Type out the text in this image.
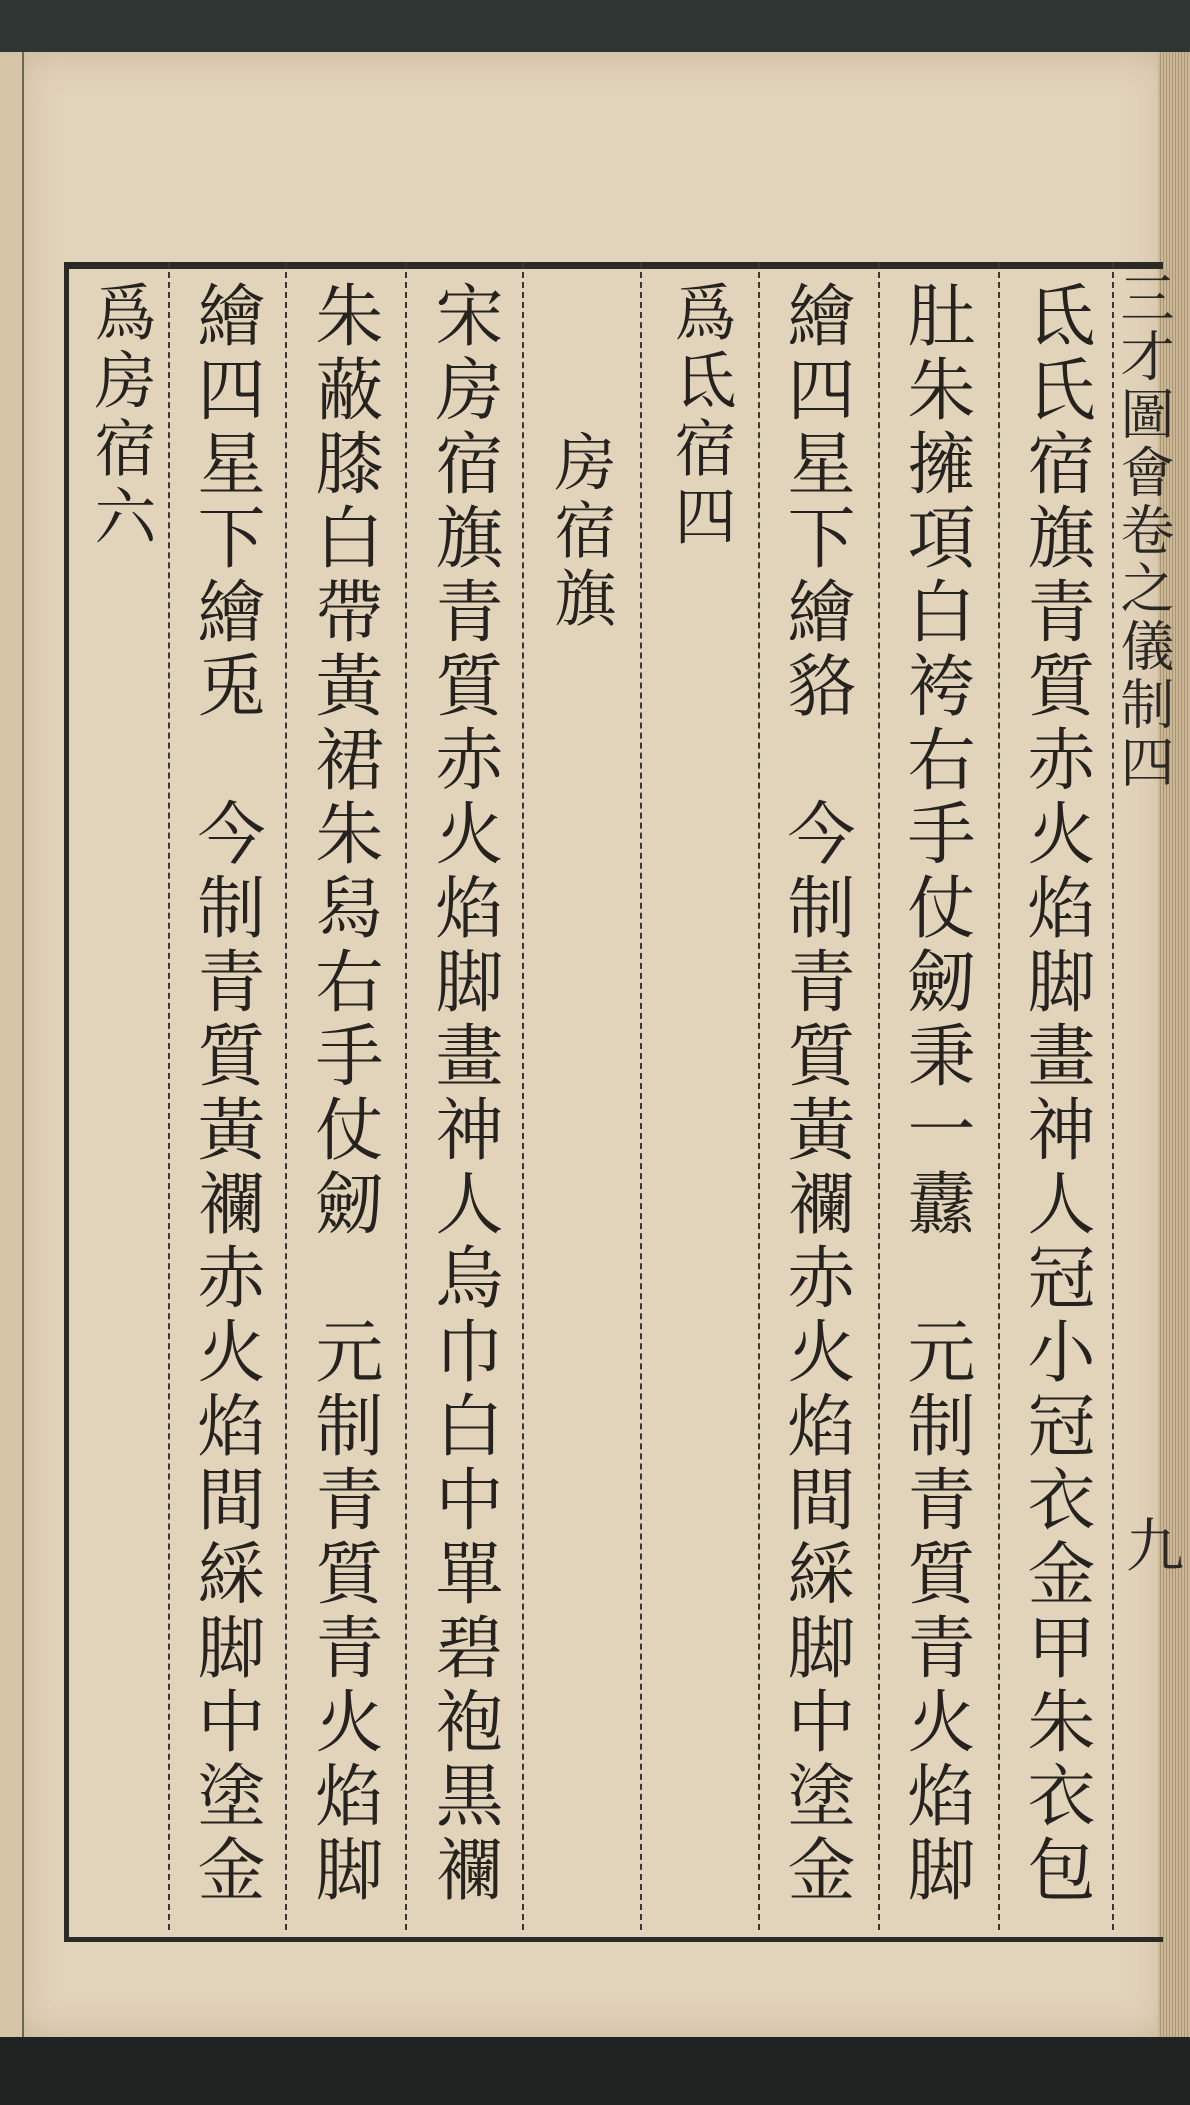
三才圖會卷之儀制四
九
氐氏宿旗青質赤火焰脚畫神人冠小冠衣金甲朱衣包
肚朱擁項白袴右手仗劒秉一纛　元制青質青火焰脚
繪四星下繪貉　今制青質黃襴赤火焰間綵脚中塗金
爲氐宿四
房宿旗
宋房宿旗青質赤火焰脚畫神人烏巾白中單碧袍黒襴
朱蔽膝白帶黃裙朱舄右手仗劒　元制青質青火焰脚
繪四星下繪兎　今制青質黃襴赤火焰間綵脚中塗金
爲房宿六
